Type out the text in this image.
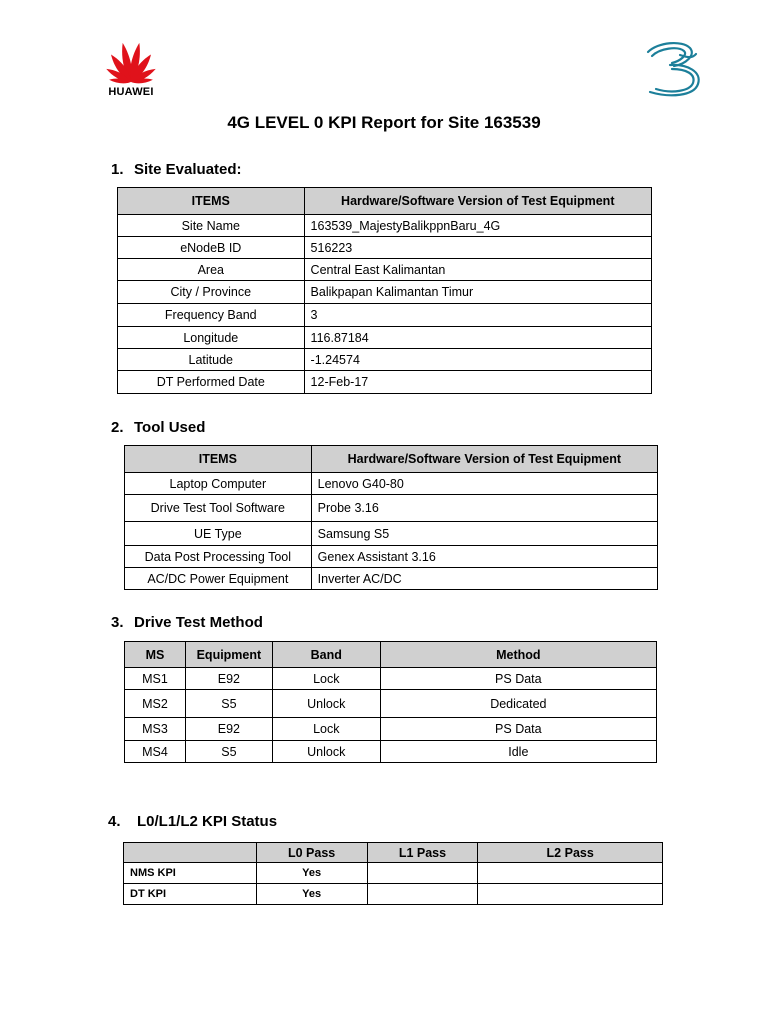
HUAWEI
4G LEVEL 0 KPI Report for Site 163539
1. Site Evaluated:
ITEMS	Hardware/Software Version of Test Equipment
Site Name	163539_MajestyBalikppnBaru_4G
eNodeB ID	516223
Area	Central East Kalimantan
City / Province	Balikpapan Kalimantan Timur
Frequency Band	3
Longitude	116.87184
Latitude	-1.24574
DT Performed Date	12-Feb-17
2. Tool Used
ITEMS	Hardware/Software Version of Test Equipment
Laptop Computer	Lenovo G40-80
Drive Test Tool Software	Probe 3.16
UE Type	Samsung S5
Data Post Processing Tool	Genex Assistant 3.16
AC/DC Power Equipment	Inverter AC/DC
3. Drive Test Method
MS	Equipment	Band	Method
MS1	E92	Lock	PS Data
MS2	S5	Unlock	Dedicated
MS3	E92	Lock	PS Data
MS4	S5	Unlock	Idle
4. L0/L1/L2 KPI Status
	L0 Pass	L1 Pass	L2 Pass
NMS KPI	Yes		
DT KPI	Yes		
